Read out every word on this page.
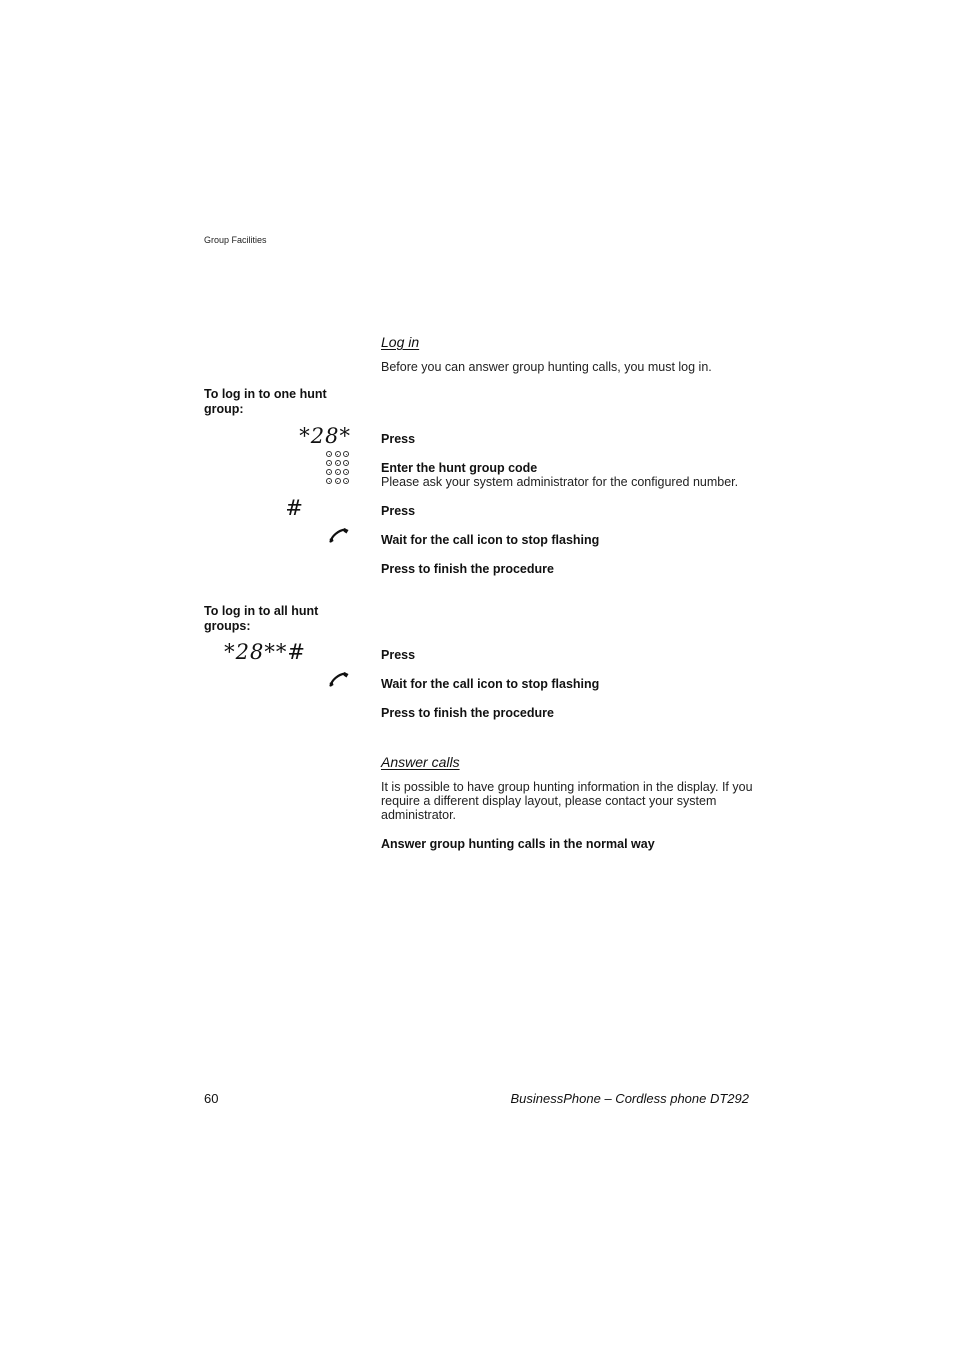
Group Facilities
Log in
Before you can answer group hunting calls, you must log in.
To log in to one hunt group:
*28* Press
Enter the hunt group code
Please ask your system administrator for the configured number.
#	Press
Wait for the call icon to stop flashing
Press to finish the procedure
To log in to all hunt groups:
*28**#	Press
Wait for the call icon to stop flashing
Press to finish the procedure
Answer calls
It is possible to have group hunting information in the display. If you require a different display layout, please contact your system administrator.
Answer group hunting calls in the normal way
60	BusinessPhone – Cordless phone DT292
